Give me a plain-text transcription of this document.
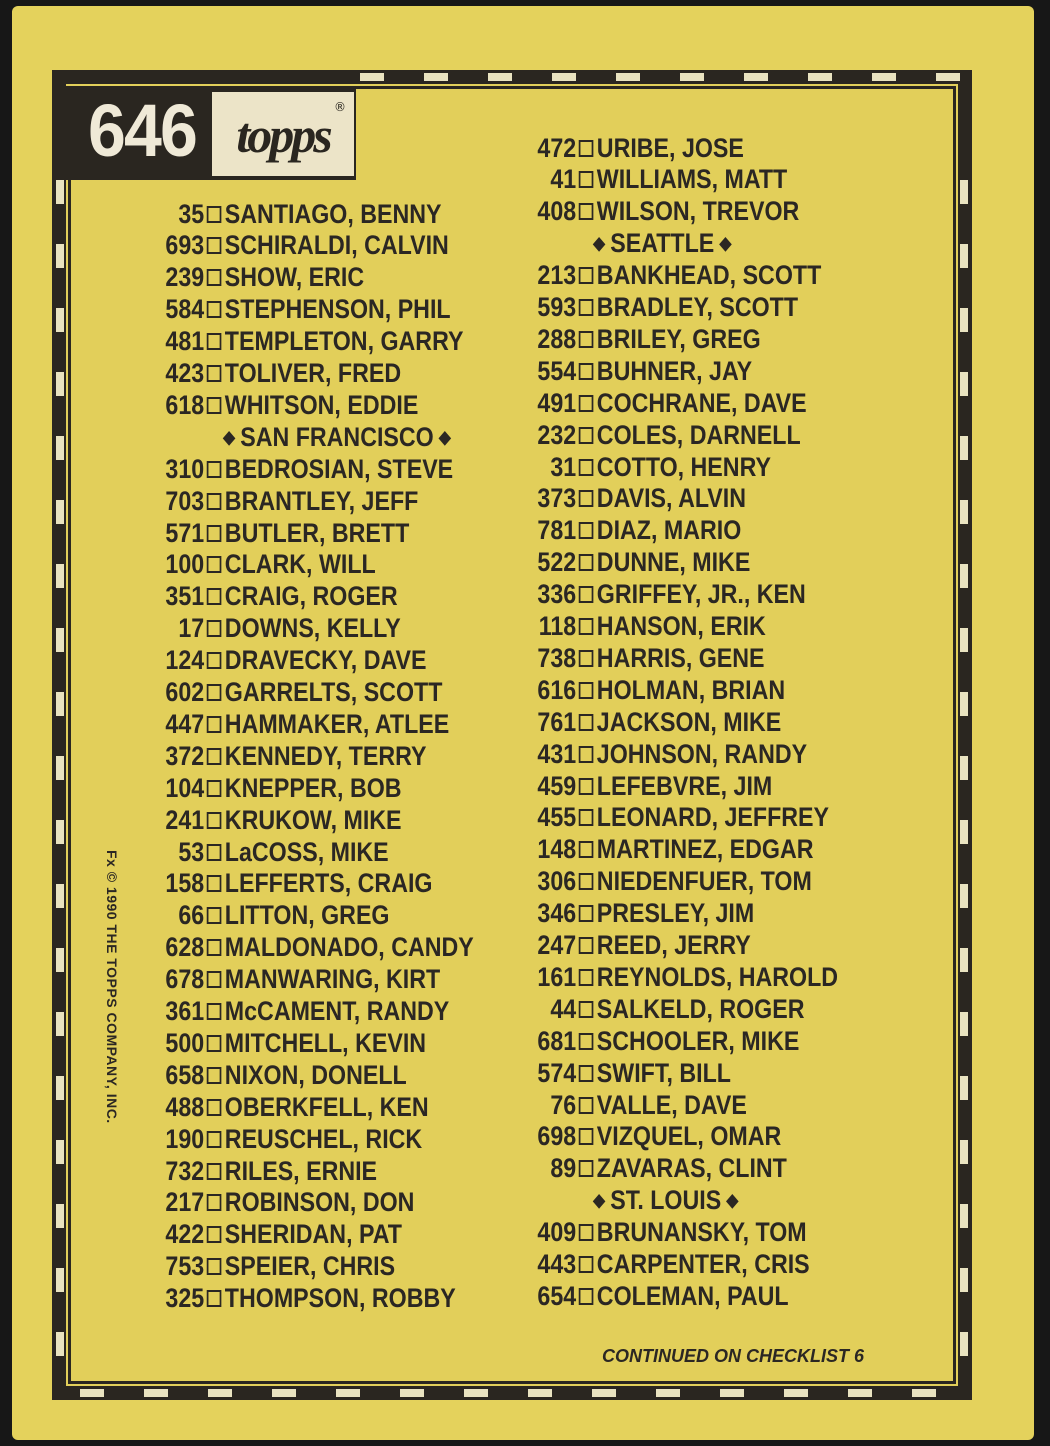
646 topps ®
Fx © 1990 THE TOPPS COMPANY, INC.
35 SANTIAGO, BENNY
693 SCHIRALDI, CALVIN
239 SHOW, ERIC
584 STEPHENSON, PHIL
481 TEMPLETON, GARRY
423 TOLIVER, FRED
618 WHITSON, EDDIE
◆ SAN FRANCISCO ◆
310 BEDROSIAN, STEVE
703 BRANTLEY, JEFF
571 BUTLER, BRETT
100 CLARK, WILL
351 CRAIG, ROGER
17 DOWNS, KELLY
124 DRAVECKY, DAVE
602 GARRELTS, SCOTT
447 HAMMAKER, ATLEE
372 KENNEDY, TERRY
104 KNEPPER, BOB
241 KRUKOW, MIKE
53 LaCOSS, MIKE
158 LEFFERTS, CRAIG
66 LITTON, GREG
628 MALDONADO, CANDY
678 MANWARING, KIRT
361 McCAMENT, RANDY
500 MITCHELL, KEVIN
658 NIXON, DONELL
488 OBERKFELL, KEN
190 REUSCHEL, RICK
732 RILES, ERNIE
217 ROBINSON, DON
422 SHERIDAN, PAT
753 SPEIER, CHRIS
325 THOMPSON, ROBBY
472 URIBE, JOSE
41 WILLIAMS, MATT
408 WILSON, TREVOR
◆ SEATTLE ◆
213 BANKHEAD, SCOTT
593 BRADLEY, SCOTT
288 BRILEY, GREG
554 BUHNER, JAY
491 COCHRANE, DAVE
232 COLES, DARNELL
31 COTTO, HENRY
373 DAVIS, ALVIN
781 DIAZ, MARIO
522 DUNNE, MIKE
336 GRIFFEY, JR., KEN
118 HANSON, ERIK
738 HARRIS, GENE
616 HOLMAN, BRIAN
761 JACKSON, MIKE
431 JOHNSON, RANDY
459 LEFEBVRE, JIM
455 LEONARD, JEFFREY
148 MARTINEZ, EDGAR
306 NIEDENFUER, TOM
346 PRESLEY, JIM
247 REED, JERRY
161 REYNOLDS, HAROLD
44 SALKELD, ROGER
681 SCHOOLER, MIKE
574 SWIFT, BILL
76 VALLE, DAVE
698 VIZQUEL, OMAR
89 ZAVARAS, CLINT
◆ ST. LOUIS ◆
409 BRUNANSKY, TOM
443 CARPENTER, CRIS
654 COLEMAN, PAUL
CONTINUED ON CHECKLIST 6
